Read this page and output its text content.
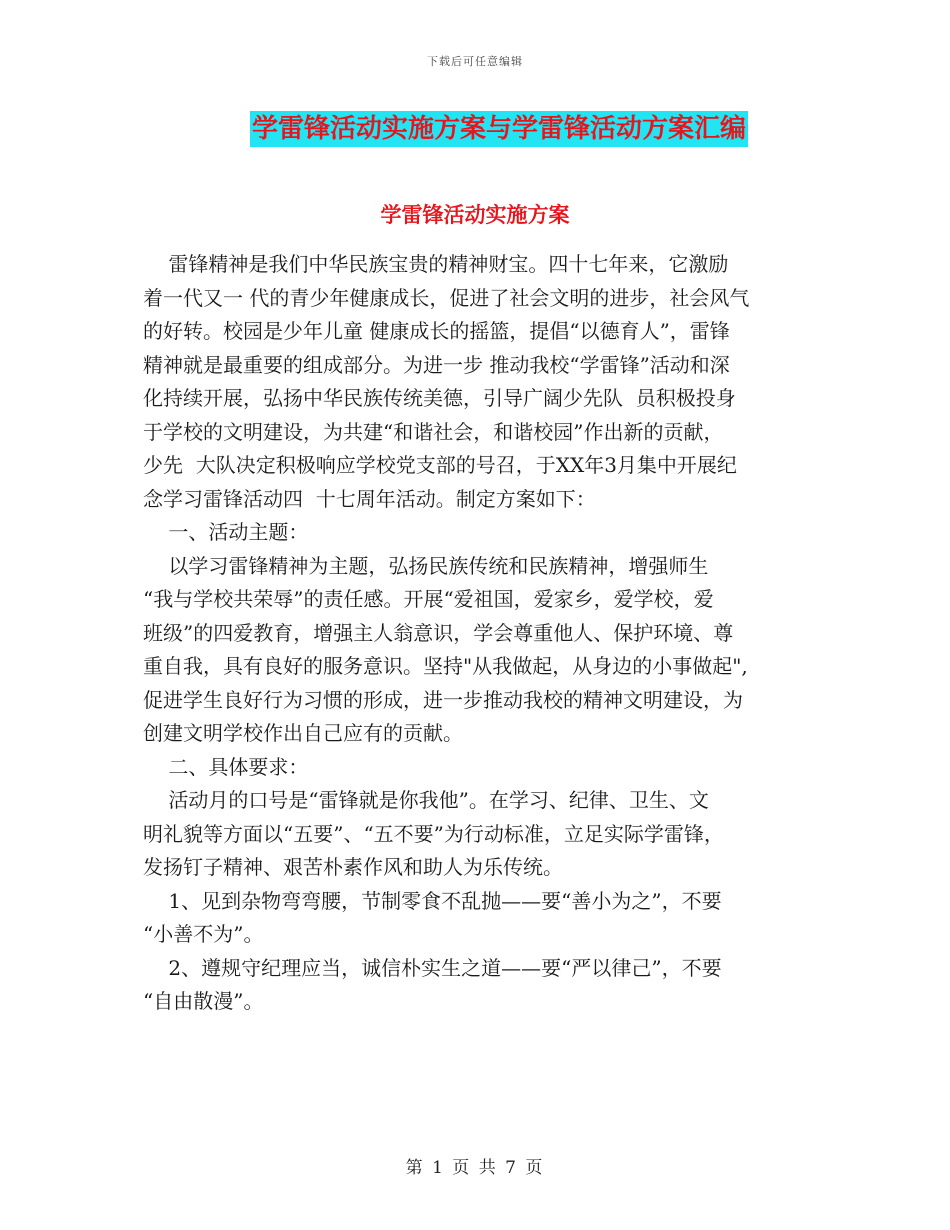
下载后可任意编辑
学雷锋活动实施方案与学雷锋活动方案汇编
学雷锋活动实施方案
雷锋精神是我们中华民族宝贵的精神财宝。四十七年来，它激励
着一代又一 代的青少年健康成长，促进了社会文明的进步，社会风气
的好转。校园是少年儿童 健康成长的摇篮，提倡“以德育人”，雷锋
精神就是最重要的组成部分。为进一步 推动我校“学雷锋”活动和深
化持续开展，弘扬中华民族传统美德，引导广阔少先队  员积极投身
于学校的文明建设，为共建“和谐社会，和谐校园”作出新的贡献，
少先  大队决定积极响应学校党支部的号召，于XX年3月集中开展纪
念学习雷锋活动四  十七周年活动。制定方案如下：
一、活动主题：
以学习雷锋精神为主题，弘扬民族传统和民族精神，增强师生
“我与学校共荣辱”的责任感。开展“爱祖国，爱家乡，爱学校，爱
班级”的四爱教育，增强主人翁意识，学会尊重他人、保护环境、尊
重自我，具有良好的服务意识。坚持"从我做起，从身边的小事做起",
促进学生良好行为习惯的形成，进一步推动我校的精神文明建设，为
创建文明学校作出自己应有的贡献。
二、具体要求：
活动月的口号是“雷锋就是你我他”。在学习、纪律、卫生、文
明礼貌等方面以“五要”、“五不要”为行动标准，立足实际学雷锋，
发扬钉子精神、艰苦朴素作风和助人为乐传统。
1、见到杂物弯弯腰，节制零食不乱抛——要“善小为之”，不要
“小善不为”。
2、遵规守纪理应当，诚信朴实生之道——要“严以律己”，不要
“自由散漫”。
第 1 页 共 7 页
